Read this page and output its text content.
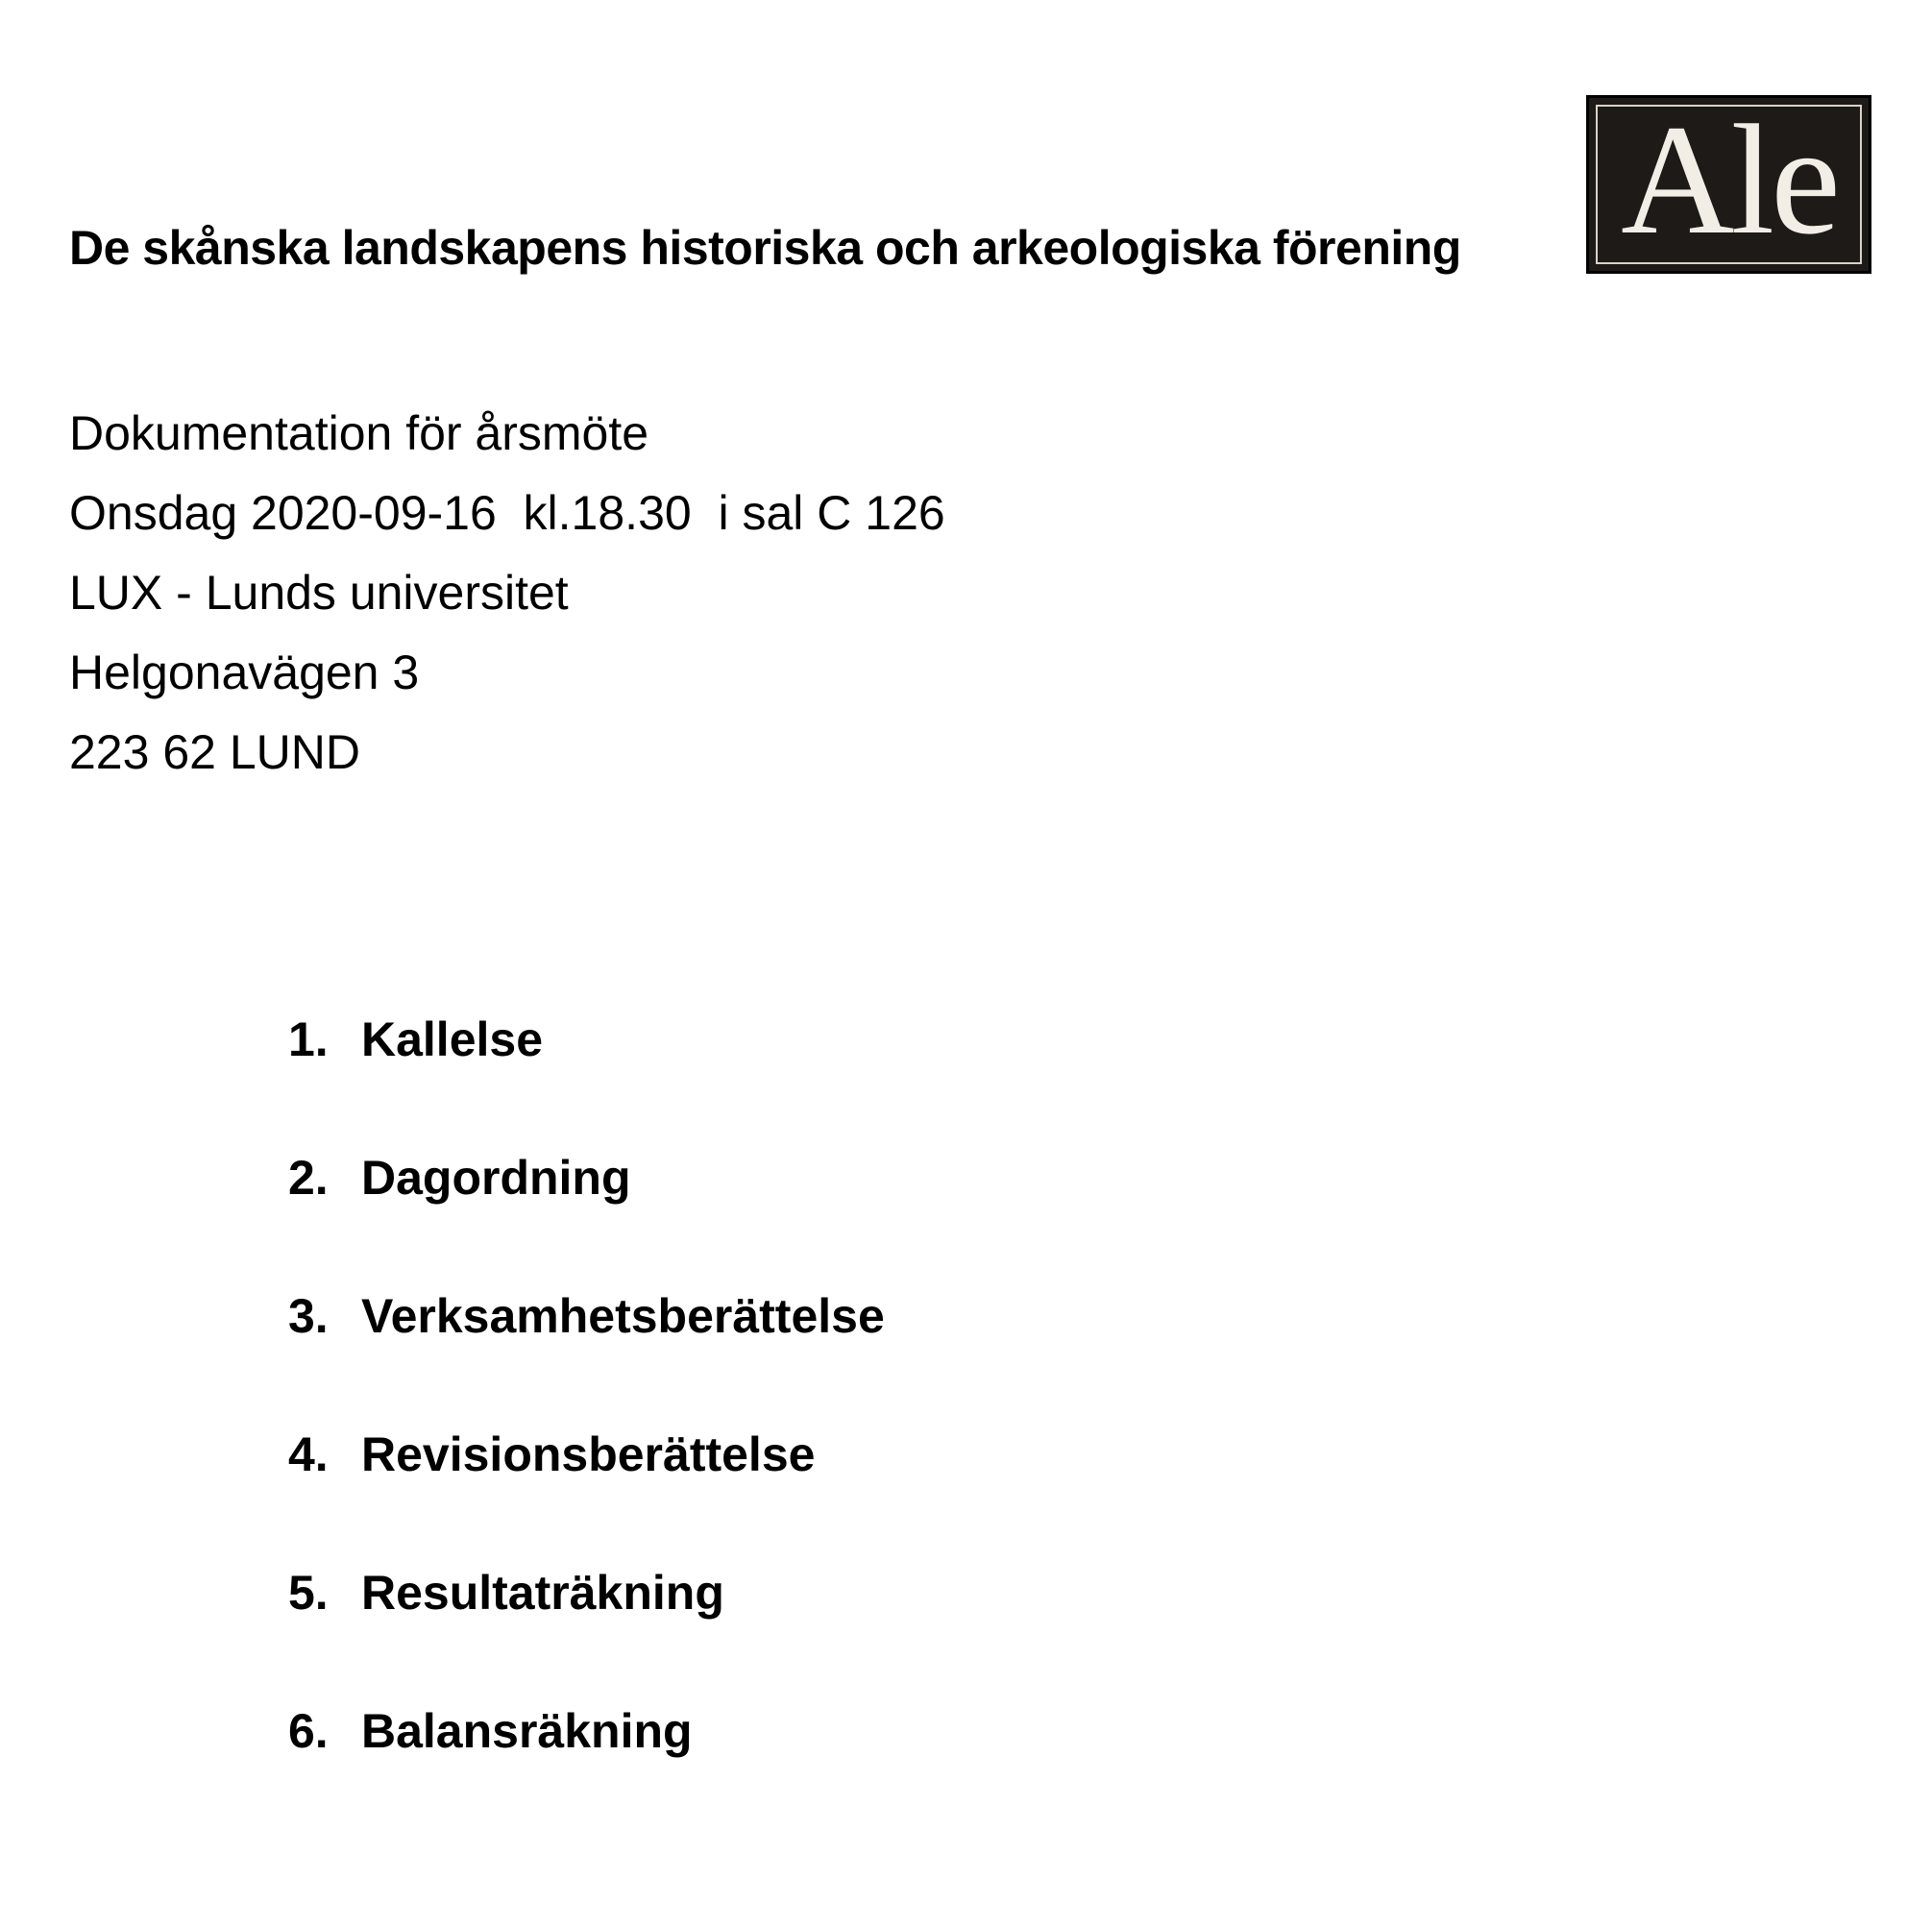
De skånska landskapens historiska och arkeologiska förening Ale
Dokumentation för årsmöte
Onsdag 2020-09-16  kl.18.30  i sal C 126
LUX - Lunds universitet
Helgonavägen 3
223 62 LUND
1. Kallelse
2. Dagordning
3. Verksamhetsberättelse
4. Revisionsberättelse
5. Resultaträkning
6. Balansräkning
